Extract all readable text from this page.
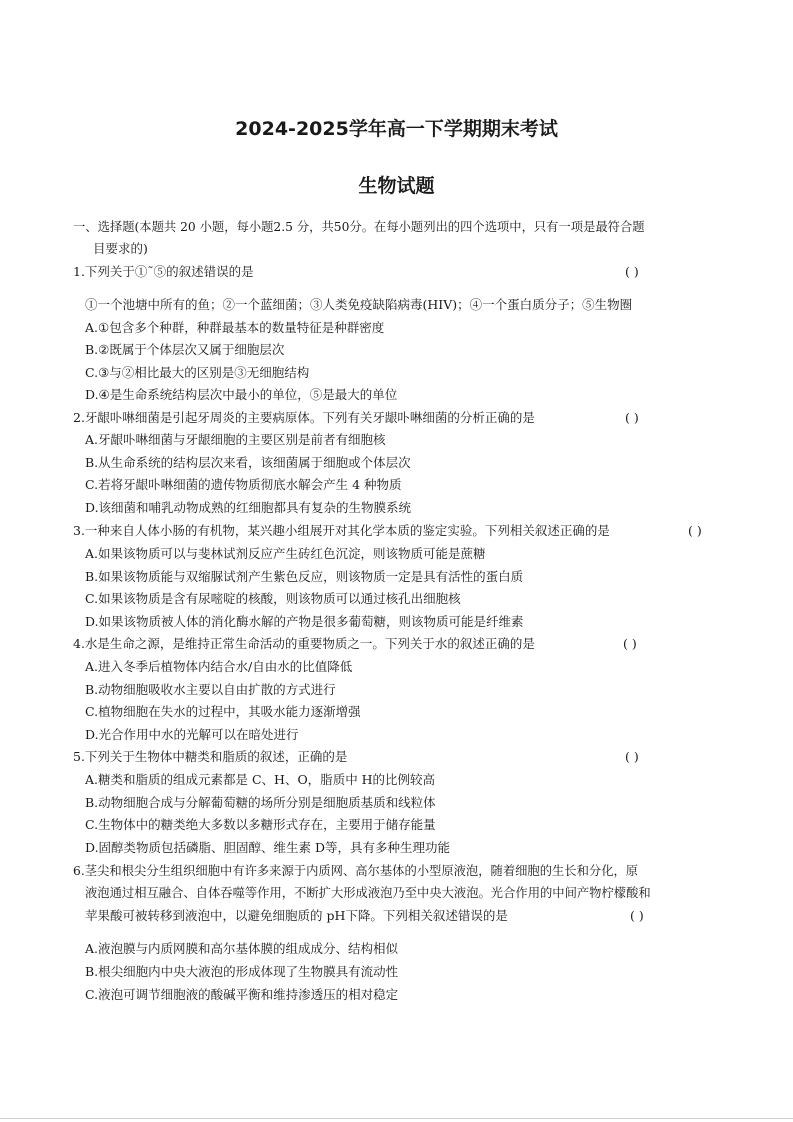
2024-2025学年高一下学期期末考试
生物试题
一、选择题(本题共 20 小题，每小题2.5 分，共50分。在每小题列出的四个选项中，只有一项是最符合题
目要求的)
1.下列关于①˜⑤的叙述错误的是	( )
①一个池塘中所有的鱼；②一个蓝细菌；③人类免疫缺陷病毒(HIV)；④一个蛋白质分子；⑤生物圈
A.①包含多个种群，种群最基本的数量特征是种群密度
B.②既属于个体层次又属于细胞层次
C.③与②相比最大的区别是③无细胞结构
D.④是生命系统结构层次中最小的单位，⑤是最大的单位
2.牙龈卟啉细菌是引起牙周炎的主要病原体。下列有关牙龈卟啉细菌的分析正确的是	( )
A.牙龈卟啉细菌与牙龈细胞的主要区别是前者有细胞核
B.从生命系统的结构层次来看，该细菌属于细胞或个体层次
C.若将牙龈卟啉细菌的遗传物质彻底水解会产生 4 种物质
D.该细菌和哺乳动物成熟的红细胞都具有复杂的生物膜系统
3.一种来自人体小肠的有机物，某兴趣小组展开对其化学本质的鉴定实验。下列相关叙述正确的是	( )
A.如果该物质可以与斐林试剂反应产生砖红色沉淀，则该物质可能是蔗糖
B.如果该物质能与双缩脲试剂产生紫色反应，则该物质一定是具有活性的蛋白质
C.如果该物质是含有尿嘧啶的核酸，则该物质可以通过核孔出细胞核
D.如果该物质被人体的消化酶水解的产物是很多葡萄糖，则该物质可能是纤维素
4.水是生命之源，是维持正常生命活动的重要物质之一。下列关于水的叙述正确的是	( )
A.进入冬季后植物体内结合水/自由水的比值降低
B.动物细胞吸收水主要以自由扩散的方式进行
C.植物细胞在失水的过程中，其吸水能力逐渐增强
D.光合作用中水的光解可以在暗处进行
5.下列关于生物体中糖类和脂质的叙述，正确的是	( )
A.糖类和脂质的组成元素都是 C、H、O，脂质中 H的比例较高
B.动物细胞合成与分解葡萄糖的场所分别是细胞质基质和线粒体
C.生物体中的糖类绝大多数以多糖形式存在，主要用于储存能量
D.固醇类物质包括磷脂、胆固醇、维生素 D等，具有多种生理功能
6.茎尖和根尖分生组织细胞中有许多来源于内质网、高尔基体的小型原液泡，随着细胞的生长和分化，原
液泡通过相互融合、自体吞噬等作用，不断扩大形成液泡乃至中央大液泡。光合作用的中间产物柠檬酸和
苹果酸可被转移到液泡中，以避免细胞质的 pH下降。下列相关叙述错误的是	( )
A.液泡膜与内质网膜和高尔基体膜的组成成分、结构相似
B.根尖细胞内中央大液泡的形成体现了生物膜具有流动性
C.液泡可调节细胞液的酸碱平衡和维持渗透压的相对稳定
